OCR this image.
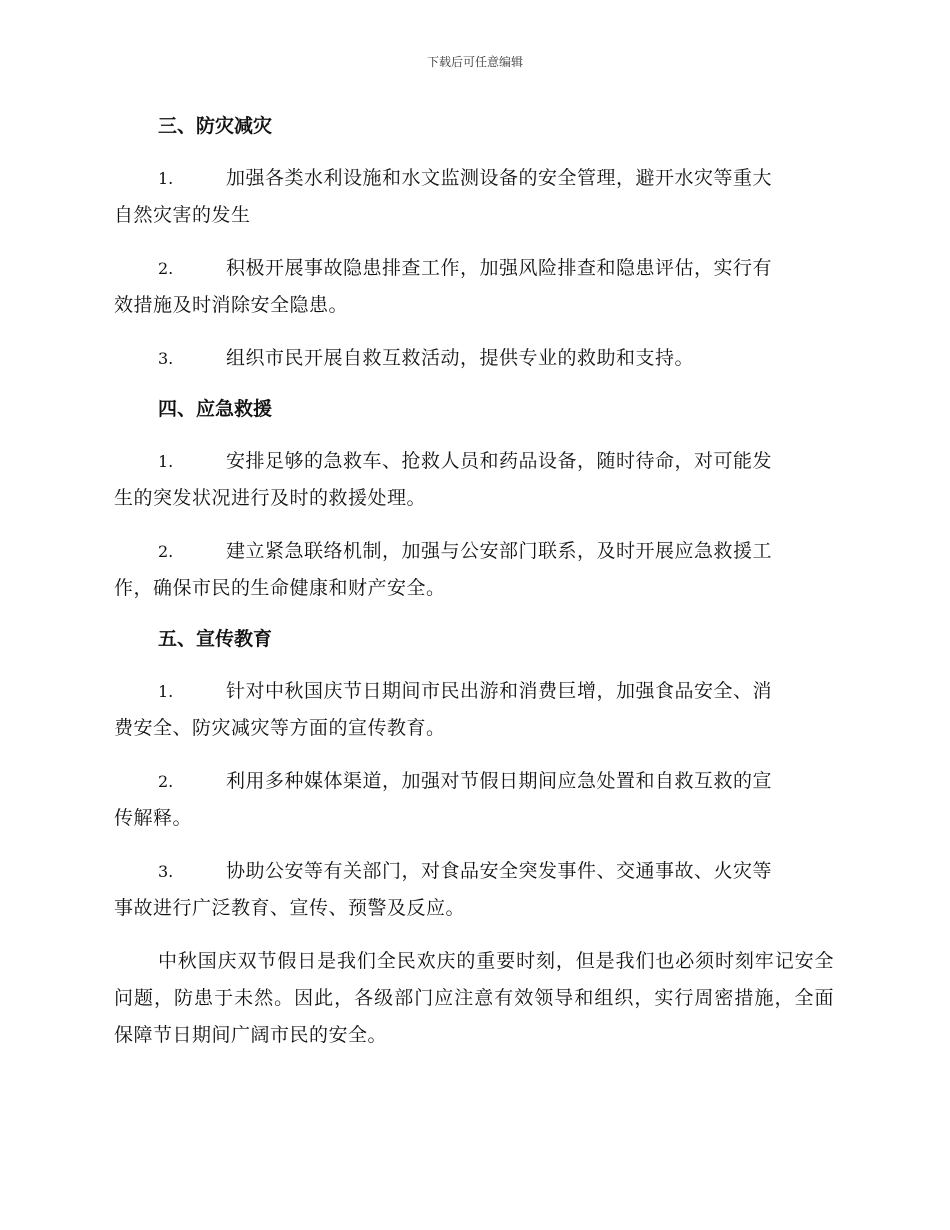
下载后可任意编辑
三、防灾减灾
1.	加强各类水利设施和水文监测设备的安全管理，避开水灾等重大

自然灾害的发生

2.	积极开展事故隐患排查工作，加强风险排查和隐患评估，实行有

效措施及时消除安全隐患。

3.	组织市民开展自救互救活动，提供专业的救助和支持。

四、应急救援
1.	安排足够的急救车、抢救人员和药品设备，随时待命，对可能发

生的突发状况进行及时的救援处理。

2.	建立紧急联络机制，加强与公安部门联系，及时开展应急救援工

作，确保市民的生命健康和财产安全。

五、宣传教育
1.	针对中秋国庆节日期间市民出游和消费巨增，加强食品安全、消

费安全、防灾减灾等方面的宣传教育。

2.	利用多种媒体渠道，加强对节假日期间应急处置和自救互救的宣

传解释。

3.	协助公安等有关部门，对食品安全突发事件、交通事故、火灾等

事故进行广泛教育、宣传、预警及反应。

中秋国庆双节假日是我们全民欢庆的重要时刻，但是我们也必须时刻牢记安全问题，防患于未然。因此，各级部门应注意有效领导和组织，实行周密措施，全面保障节日期间广阔市民的安全。
